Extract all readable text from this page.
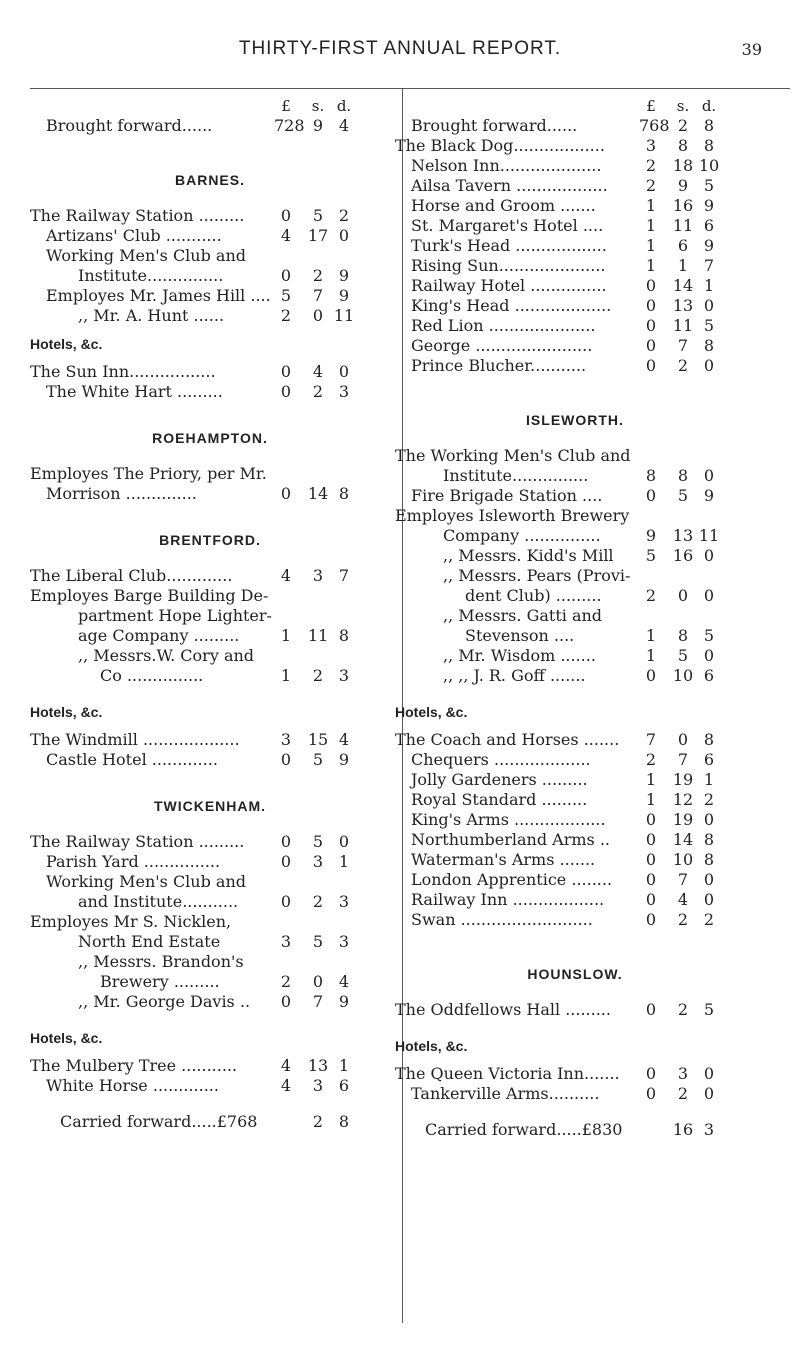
THIRTY-FIRST ANNUAL REPORT.	39
£	s. d.
Brought forward......	728 9 4
BARNES.
The Railway Station .........	0	5 2
Artizans' Club ...........	4	17 0
Working Men's Club and
Institute...............	0	2 9
Employes Mr. James Hill .... 5	7 9
,, Mr. A. Hunt ......	2	0 11
Hotels, &c.
The Sun Inn.................	0	4 0
The White Hart .........	0	2 3
ROEHAMPTON.
Employes The Priory, per Mr.
Morrison ..............	0	14 8
BRENTFORD.
The Liberal Club.............	4	3 7
Employes Barge Building De-
partment Hope Lighter-
age Company .........	1	11 8
,, Messrs.W. Cory and
Co ...............	1	2 3
Hotels, &c.
The Windmill ...................	3	15 4
Castle Hotel .............	0	5 9
TWICKENHAM.
The Railway Station .........	0	5 0
Parish Yard ...............	0	3 1
Working Men's Club and
and Institute...........	0	2 3
Employes Mr S. Nicklen,
North End Estate	3	5 3
,, Messrs. Brandon's
Brewery .........	2	0 4
,, Mr. George Davis ..	0	7 9
Hotels, &c.
The Mulbery Tree ...........	4	13 1
White Horse .............	4	3 6
Carried forward.....£768	2 8
£	s. d.
Brought forward......	768 2 8
The Black Dog..................	3	8 8
Nelson Inn....................	2	18 10
Ailsa Tavern ..................	2	9 5
Horse and Groom .......	1	16 9
St. Margaret's Hotel ....	1	11 6
Turk's Head ..................	1	6 9
Rising Sun.....................	1	1 7
Railway Hotel ...............	0	14 1
King's Head ...................	0	13 0
Red Lion .....................	0	11 5
George .......................	0	7 8
Prince Blucher...........	0	2 0
ISLEWORTH.
The Working Men's Club and
Institute...............	8	8 0
Fire Brigade Station ....	0	5 9
Employes Isleworth Brewery
Company ...............	9	13 11
,, Messrs. Kidd's Mill	5	16 0
,, Messrs. Pears (Provi-
dent Club) .........	2	0 0
,, Messrs. Gatti and
Stevenson ....	1	8 5
,, Mr. Wisdom .......	1	5 0
,, ,, J. R. Goff .......	0	10 6
Hotels, &c.
The Coach and Horses .......	7	0 8
Chequers ...................	2	7 6
Jolly Gardeners .........	1	19 1
Royal Standard .........	1	12 2
King's Arms ..................	0	19 0
Northumberland Arms ..	0	14 8
Waterman's Arms .......	0	10 8
London Apprentice ........	0	7 0
Railway Inn ..................	0	4 0
Swan ..........................	0	2 2
HOUNSLOW.
The Oddfellows Hall .........	0	2 5
Hotels, &c.
The Queen Victoria Inn.......	0	3 0
Tankerville Arms..........	0	2 0
Carried forward.....£830	16 3
